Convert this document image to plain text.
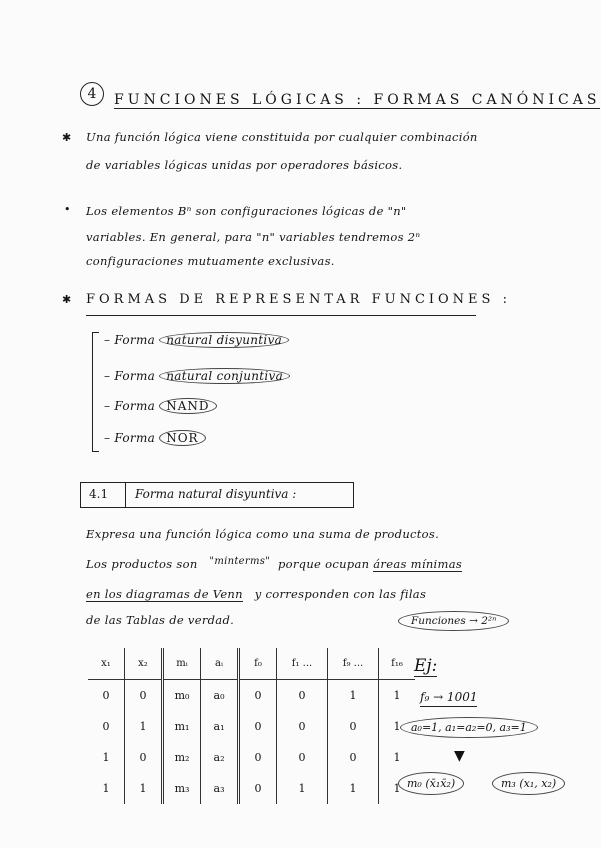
4	FUNCIONES LÓGICAS : FORMAS CANÓNICAS
✱ Una función lógica viene constituida por cualquier combinación
de variables lógicas unidas por operadores básicos.
• Los elementos Bⁿ son configuraciones lógicas de "n"
variables. En general, para "n" variables tendremos 2ⁿ
configuraciones mutuamente exclusivas.
✱ FORMAS DE REPRESENTAR FUNCIONES :
– Forma natural disyuntiva
– Forma natural conjuntiva
– Forma NAND
– Forma NOR
4.1 Forma natural disyuntiva :
Expresa una función lógica como una suma de productos.
Los productos son "minterms" porque ocupan áreas mínimas
en los diagramas de Venn y corresponden con las filas
de las Tablas de verdad.	Funciones → 2²ⁿ
x₁	x₂	mᵢ	aᵢ	f₀	f₁ ...	f₉ ...	f₁₆
0	0	m₀	a₀	0	0	1	1
0	1	m₁	a₁	0	0	0	1
1	0	m₂	a₂	0	0	0	1
1	1	m₃	a₃	0	1	1	1
Ej:
f₉ → 1001
a₀=1, a₁=a₂=0, a₃=1
▼
m₀ (x̄₁x̄₂)	m₃ (x₁, x₂)
